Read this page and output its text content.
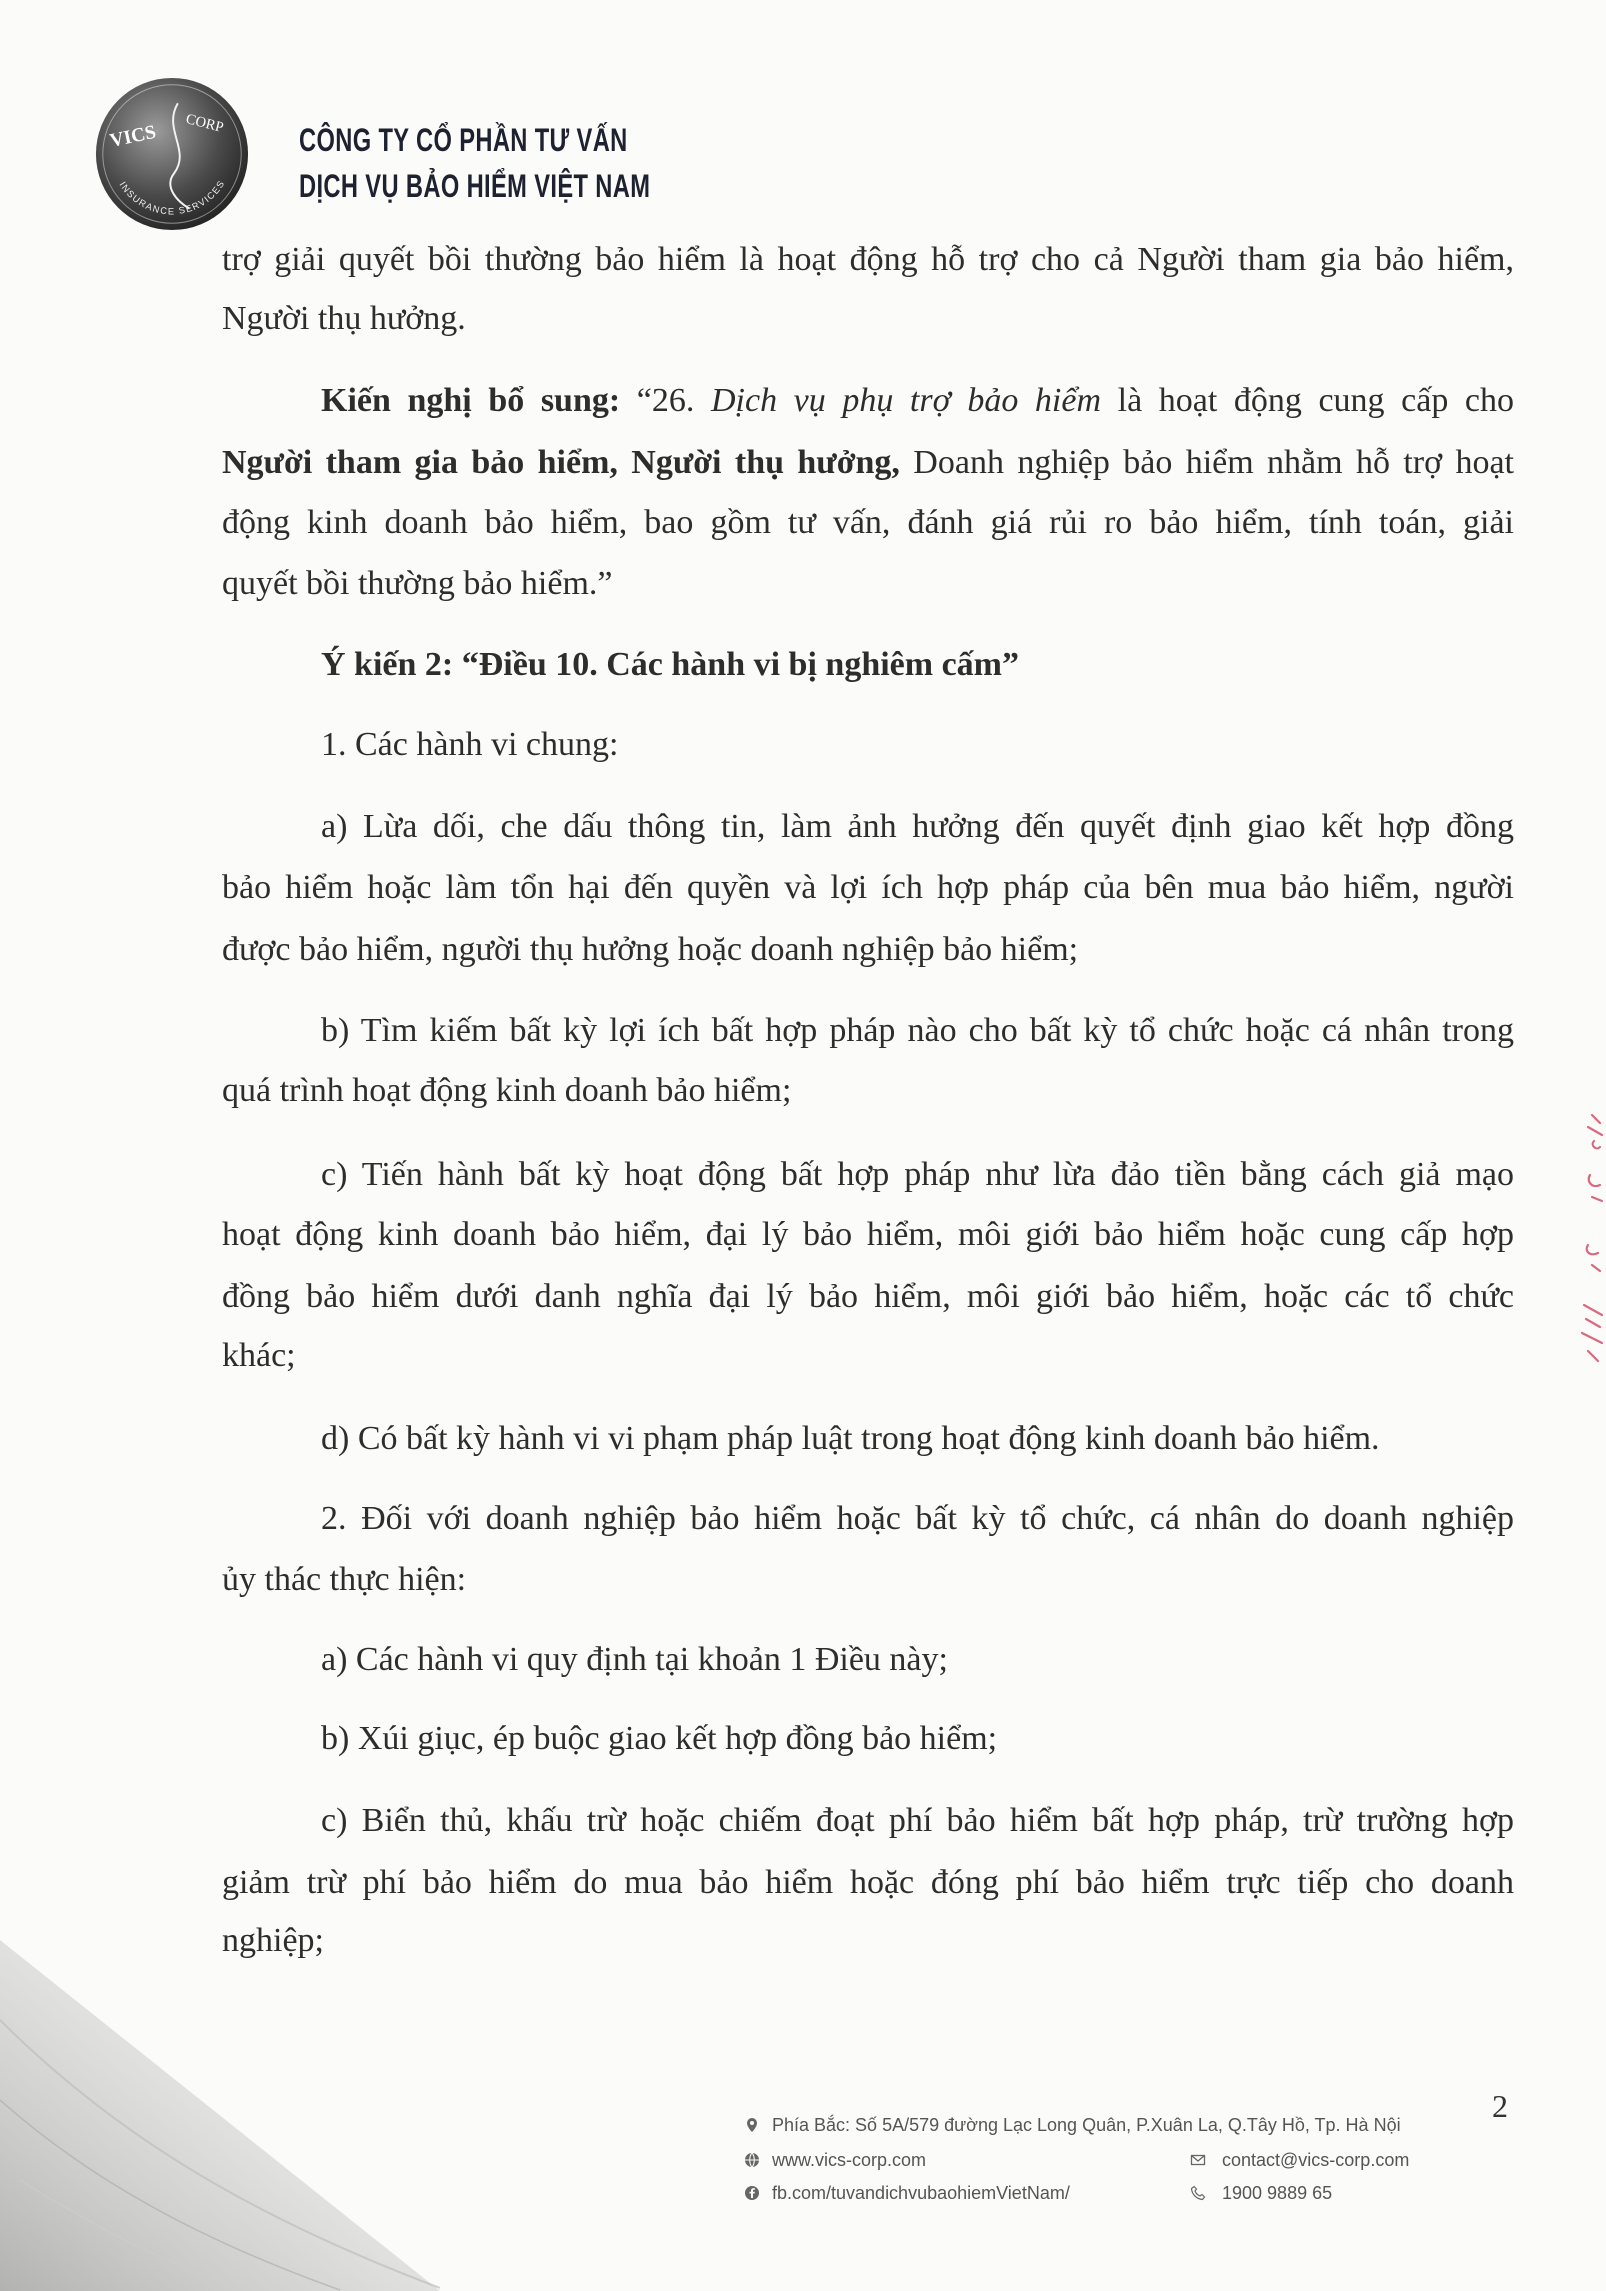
VICS CORP
INSURANCE SERVICES
CÔNG TY CỔ PHẦN TƯ VẤN
DỊCH VỤ BẢO HIỂM VIỆT NAM
trợ giải quyết bồi thường bảo hiểm là hoạt động hỗ trợ cho cả Người tham gia bảo hiểm,
Người thụ hưởng.
Kiến nghị bổ sung: “26. Dịch vụ phụ trợ bảo hiểm là hoạt động cung cấp cho
Người tham gia bảo hiểm, Người thụ hưởng, Doanh nghiệp bảo hiểm nhằm hỗ trợ hoạt
động kinh doanh bảo hiểm, bao gồm tư vấn, đánh giá rủi ro bảo hiểm, tính toán, giải
quyết bồi thường bảo hiểm.”
Ý kiến 2: “Điều 10. Các hành vi bị nghiêm cấm”
1. Các hành vi chung:
a) Lừa dối, che dấu thông tin, làm ảnh hưởng đến quyết định giao kết hợp đồng
bảo hiểm hoặc làm tổn hại đến quyền và lợi ích hợp pháp của bên mua bảo hiểm, người
được bảo hiểm, người thụ hưởng hoặc doanh nghiệp bảo hiểm;
b) Tìm kiếm bất kỳ lợi ích bất hợp pháp nào cho bất kỳ tổ chức hoặc cá nhân trong
quá trình hoạt động kinh doanh bảo hiểm;
c) Tiến hành bất kỳ hoạt động bất hợp pháp như lừa đảo tiền bằng cách giả mạo
hoạt động kinh doanh bảo hiểm, đại lý bảo hiểm, môi giới bảo hiểm hoặc cung cấp hợp
đồng bảo hiểm dưới danh nghĩa đại lý bảo hiểm, môi giới bảo hiểm, hoặc các tổ chức
khác;
d) Có bất kỳ hành vi vi phạm pháp luật trong hoạt động kinh doanh bảo hiểm.
2. Đối với doanh nghiệp bảo hiểm hoặc bất kỳ tổ chức, cá nhân do doanh nghiệp
ủy thác thực hiện:
a) Các hành vi quy định tại khoản 1 Điều này;
b) Xúi giục, ép buộc giao kết hợp đồng bảo hiểm;
c) Biển thủ, khấu trừ hoặc chiếm đoạt phí bảo hiểm bất hợp pháp, trừ trường hợp
giảm trừ phí bảo hiểm do mua bảo hiểm hoặc đóng phí bảo hiểm trực tiếp cho doanh
nghiệp;
2
Phía Bắc: Số 5A/579 đường Lạc Long Quân, P.Xuân La, Q.Tây Hồ, Tp. Hà Nội
www.vics-corp.com	contact@vics-corp.com
fb.com/tuvandichvubaohiemVietNam/	1900 9889 65
